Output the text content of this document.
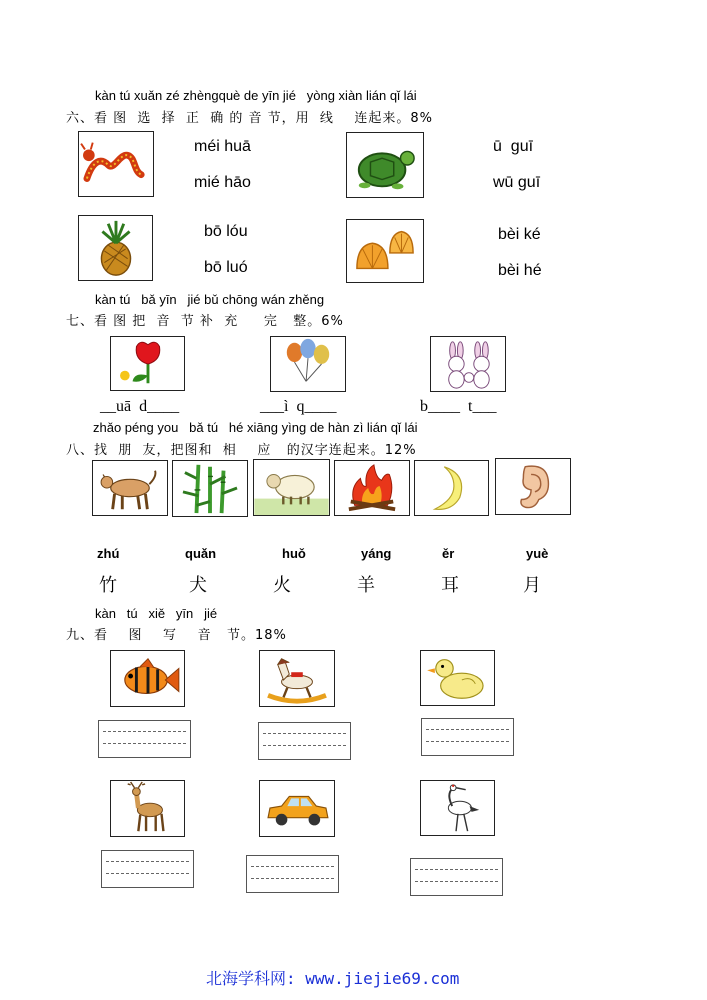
kàn tú xuǎn zé zhèngquè de yīn jié   yòng xiàn lián qǐ lái
六、看 图  选  择  正  确 的 音 节，用  线    连起来。8%
méi huā
mié hāo
ū  guī
wū guī
bō lóu
bō luó
bèi ké
bèi hé
kàn tú   bǎ yīn   jié bǔ chōng wán zhěng
七、看 图 把  音  节 补  充     完   整。6%
__uā  d____	___ì  q____	b____  t___
zhǎo péng you   bǎ tú   hé xiāng yìng de hàn zì lián qǐ lái
八、找  朋  友，把图和  相    应   的汉字连起来。12%
zhú	quǎn	huǒ	yáng	ěr	yuè
竹	犬	火	羊	耳	月
kàn   tú   xiě   yīn   jié
九、看    图    写    音   节。18%
北海学科网: www.jiejie69.com
